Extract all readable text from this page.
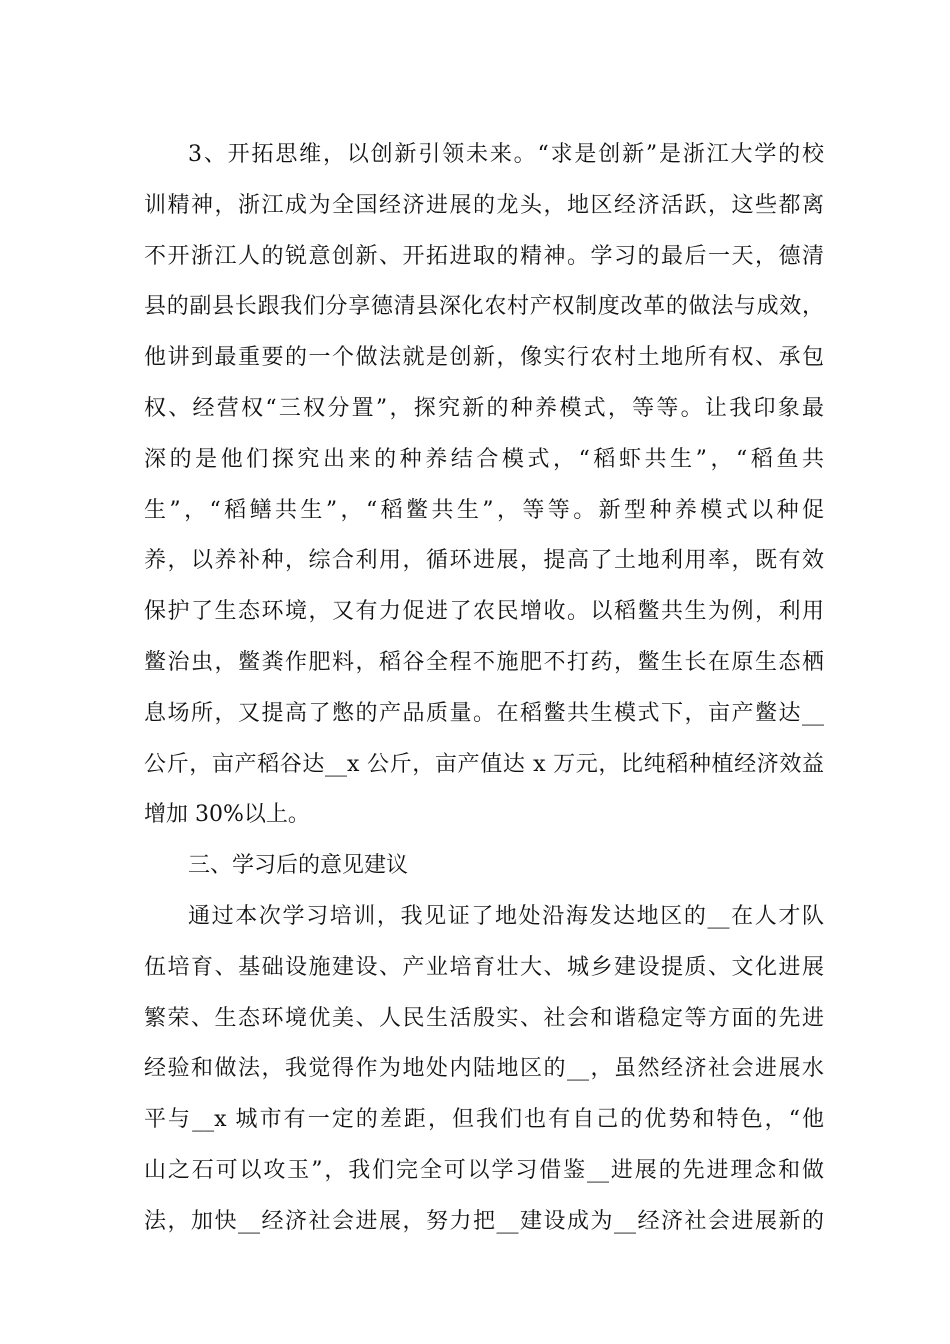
3、开拓思维，以创新引领未来。“求是创新”是浙江大学的校
训精神，浙江成为全国经济进展的龙头，地区经济活跃，这些都离
不开浙江人的锐意创新、开拓进取的精神。学习的最后一天，德清
县的副县长跟我们分享德清县深化农村产权制度改革的做法与成效，
他讲到最重要的一个做法就是创新，像实行农村土地所有权、承包
权、经营权“三权分置”，探究新的种养模式，等等。让我印象最
深的是他们探究出来的种养结合模式，“稻虾共生”，“稻鱼共
生”，“稻鳝共生”，“稻鳖共生”，等等。新型种养模式以种促
养，以养补种，综合利用，循环进展，提高了土地利用率，既有效
保护了生态环境，又有力促进了农民增收。以稻鳖共生为例，利用
鳖治虫，鳖粪作肥料，稻谷全程不施肥不打药，鳖生长在原生态栖
息场所，又提高了憋的产品质量。在稻鳖共生模式下，亩产鳖达__
公斤，亩产稻谷达__x 公斤，亩产值达 x 万元，比纯稻种植经济效益
增加 30%以上。
三、学习后的意见建议
通过本次学习培训，我见证了地处沿海发达地区的__在人才队
伍培育、基础设施建设、产业培育壮大、城乡建设提质、文化进展
繁荣、生态环境优美、人民生活殷实、社会和谐稳定等方面的先进
经验和做法，我觉得作为地处内陆地区的__，虽然经济社会进展水
平与__x 城市有一定的差距，但我们也有自己的优势和特色，“他
山之石可以攻玉”，我们完全可以学习借鉴__进展的先进理念和做
法，加快__经济社会进展，努力把__建设成为__经济社会进展新的
